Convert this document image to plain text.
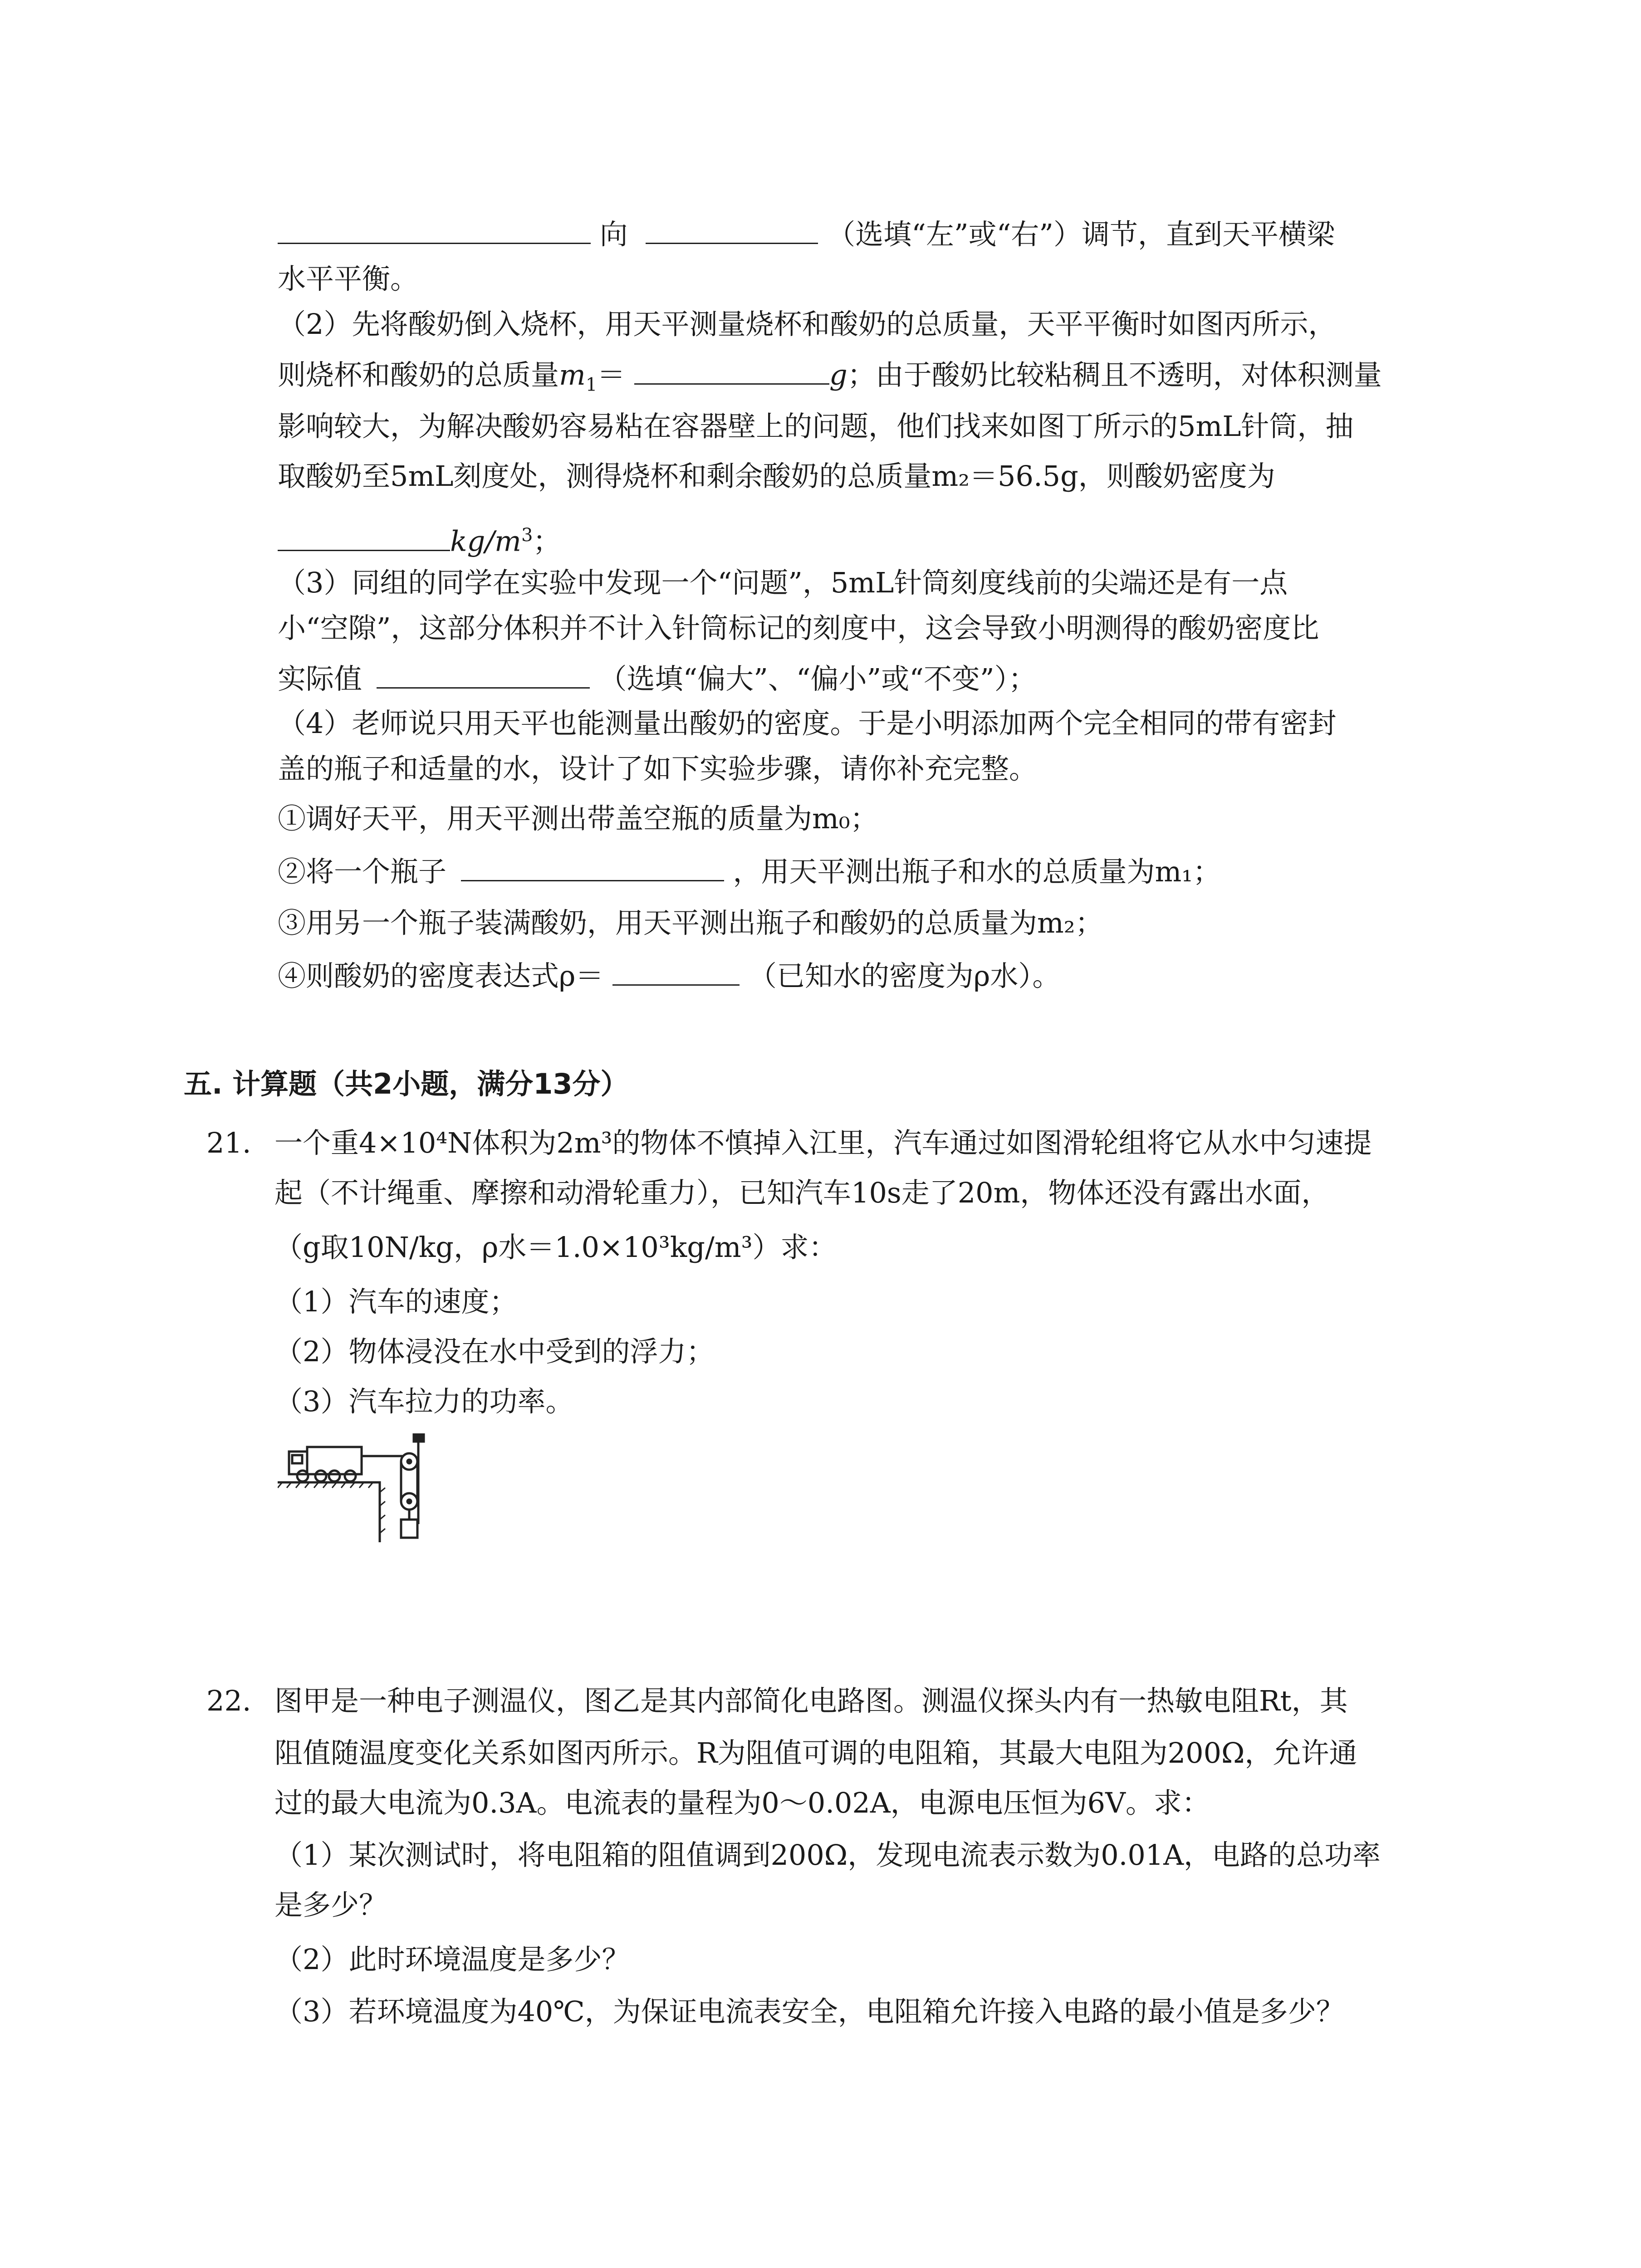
向	（选填“左”或“右”）调节，直到天平横梁
水平平衡。
（2）先将酸奶倒入烧杯，用天平测量烧杯和酸奶的总质量，天平平衡时如图丙所示，
则烧杯和酸奶的总质量$m_1=$	g；由于酸奶比较粘稠且不透明，对体积测量
影响较大，为解决酸奶容易粘在容器壁上的问题，他们找来如图丁所示的5mL针筒，抽
取酸奶至5mL刻度处，测得烧杯和剩余酸奶的总质量m₂＝56.5g，则酸奶密度为
$kg/m^3$；
（3）同组的同学在实验中发现一个“问题”，5mL针筒刻度线前的尖端还是有一点
小“空隙”，这部分体积并不计入针筒标记的刻度中，这会导致小明测得的酸奶密度比
实际值	（选填“偏大”、“偏小”或“不变”）；
（4）老师说只用天平也能测量出酸奶的密度。于是小明添加两个完全相同的带有密封
盖的瓶子和适量的水，设计了如下实验步骤，请你补充完整。
①调好天平，用天平测出带盖空瓶的质量为m₀；
②将一个瓶子	，用天平测出瓶子和水的总质量为m₁；
③用另一个瓶子装满酸奶，用天平测出瓶子和酸奶的总质量为m₂；
④则酸奶的密度表达式ρ＝	（已知水的密度为ρ水）。
五. 计算题（共2小题，满分13分）
21. 一个重4×10⁴N体积为2m³的物体不慎掉入江里，汽车通过如图滑轮组将它从水中匀速提
起（不计绳重、摩擦和动滑轮重力），已知汽车10s走了20m，物体还没有露出水面，
（g取10N/kg，ρ水＝1.0×10³kg/m³）求：
（1）汽车的速度；
（2）物体浸没在水中受到的浮力；
（3）汽车拉力的功率。
22. 图甲是一种电子测温仪，图乙是其内部简化电路图。测温仪探头内有一热敏电阻Rt，其
阻值随温度变化关系如图丙所示。R为阻值可调的电阻箱，其最大电阻为200Ω，允许通
过的最大电流为0.3A。电流表的量程为0～0.02A，电源电压恒为6V。求：
（1）某次测试时，将电阻箱的阻值调到200Ω，发现电流表示数为0.01A，电路的总功率
是多少？
（2）此时环境温度是多少？
（3）若环境温度为40℃，为保证电流表安全，电阻箱允许接入电路的最小值是多少？
